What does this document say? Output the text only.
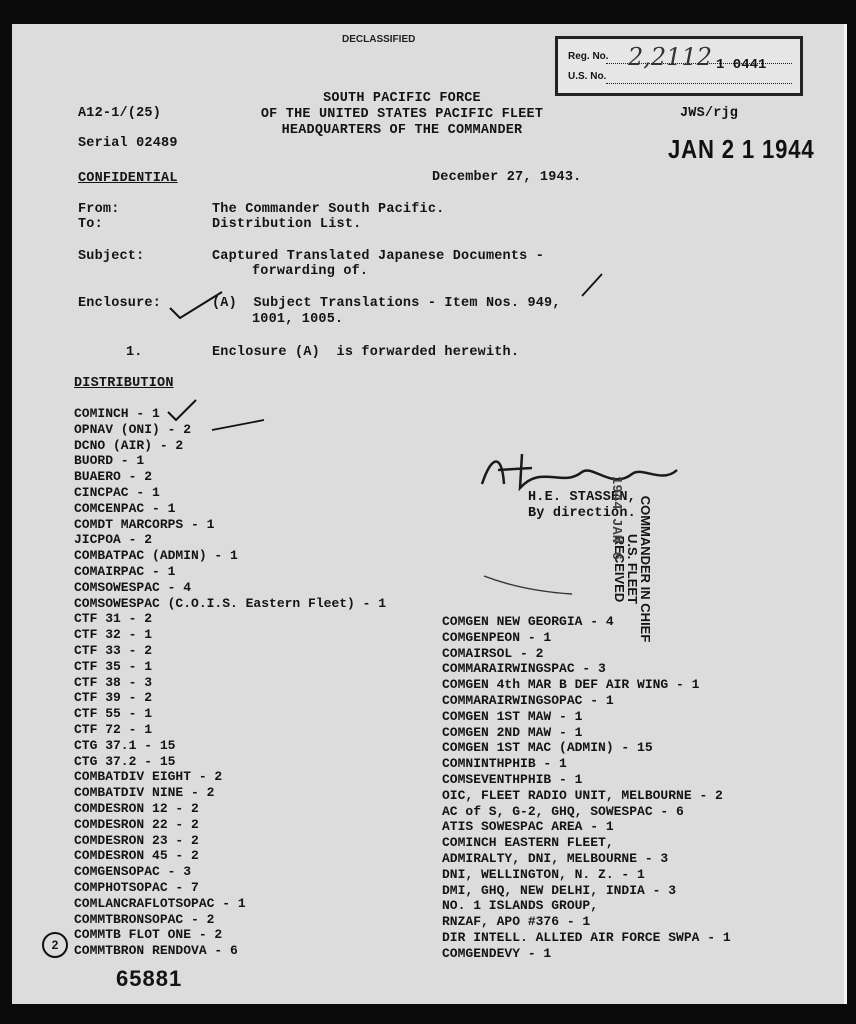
DECLASSIFIED
Reg. No.
U.S. No.
2,2112 1 0441
A12-1/(25)
Serial 02489
SOUTH PACIFIC FORCE
OF THE UNITED STATES PACIFIC FLEET
HEADQUARTERS OF THE COMMANDER
JWS/rjg
JAN 2 1 1944
CONFIDENTIAL	December 27, 1943.
From:	The Commander South Pacific.
To:	Distribution List.
Subject:	Captured Translated Japanese Documents -
forwarding of.
Enclosure:	(A)  Subject Translations - Item Nos. 949,
1001, 1005.
1.	Enclosure (A)  is forwarded herewith.
DISTRIBUTION
COMINCH - 1
OPNAV (ONI) - 2
DCNO (AIR) - 2
BUORD - 1
BUAERO - 2
CINCPAC - 1
COMCENPAC - 1
COMDT MARCORPS - 1
JICPOA - 2
COMBATPAC (ADMIN) - 1
COMAIRPAC - 1
COMSOWESPAC - 4
COMSOWESPAC (C.O.I.S. Eastern Fleet) - 1
CTF 31 - 2
CTF 32 - 1
CTF 33 - 2
CTF 35 - 1
CTF 38 - 3
CTF 39 - 2
CTF 55 - 1
CTF 72 - 1
CTG 37.1 - 15
CTG 37.2 - 15
COMBATDIV EIGHT - 2
COMBATDIV NINE - 2
COMDESRON 12 - 2
COMDESRON 22 - 2
COMDESRON 23 - 2
COMDESRON 45 - 2
COMGENSOPAC - 3
COMPHOTSOPAC - 7
COMLANCRAFLOTSOPAC - 1
COMMTBRONSOPAC - 2
COMMTB FLOT ONE - 2
COMMTBRON RENDOVA - 6
COMGEN NEW GEORGIA - 4
COMGENPEON - 1
COMAIRSOL - 2
COMMARAIRWINGSPAC - 3
COMGEN 4th MAR B DEF AIR WING - 1
COMMARAIRWINGSOPAC - 1
COMGEN 1ST MAW - 1
COMGEN 2ND MAW - 1
COMGEN 1ST MAC (ADMIN) - 15
COMNINTHPHIB - 1
COMSEVENTHPHIB - 1
OIC, FLEET RADIO UNIT, MELBOURNE - 2
AC of S, G-2, GHQ, SOWESPAC - 6
ATIS SOWESPAC AREA - 1
COMINCH EASTERN FLEET,
ADMIRALTY, DNI, MELBOURNE - 3
DNI, WELLINGTON, N. Z. - 1
DMI, GHQ, NEW DELHI, INDIA - 3
NO. 1 ISLANDS GROUP,
RNZAF, APO #376 - 1
DIR INTELL. ALLIED AIR FORCE SWPA - 1
COMGENDEVY - 1
H.E. STASSEN,
By direction. COMMANDER IN CHIEF
U.S. FLEET
RECEIVED
1944 JAN 6
2
65881
